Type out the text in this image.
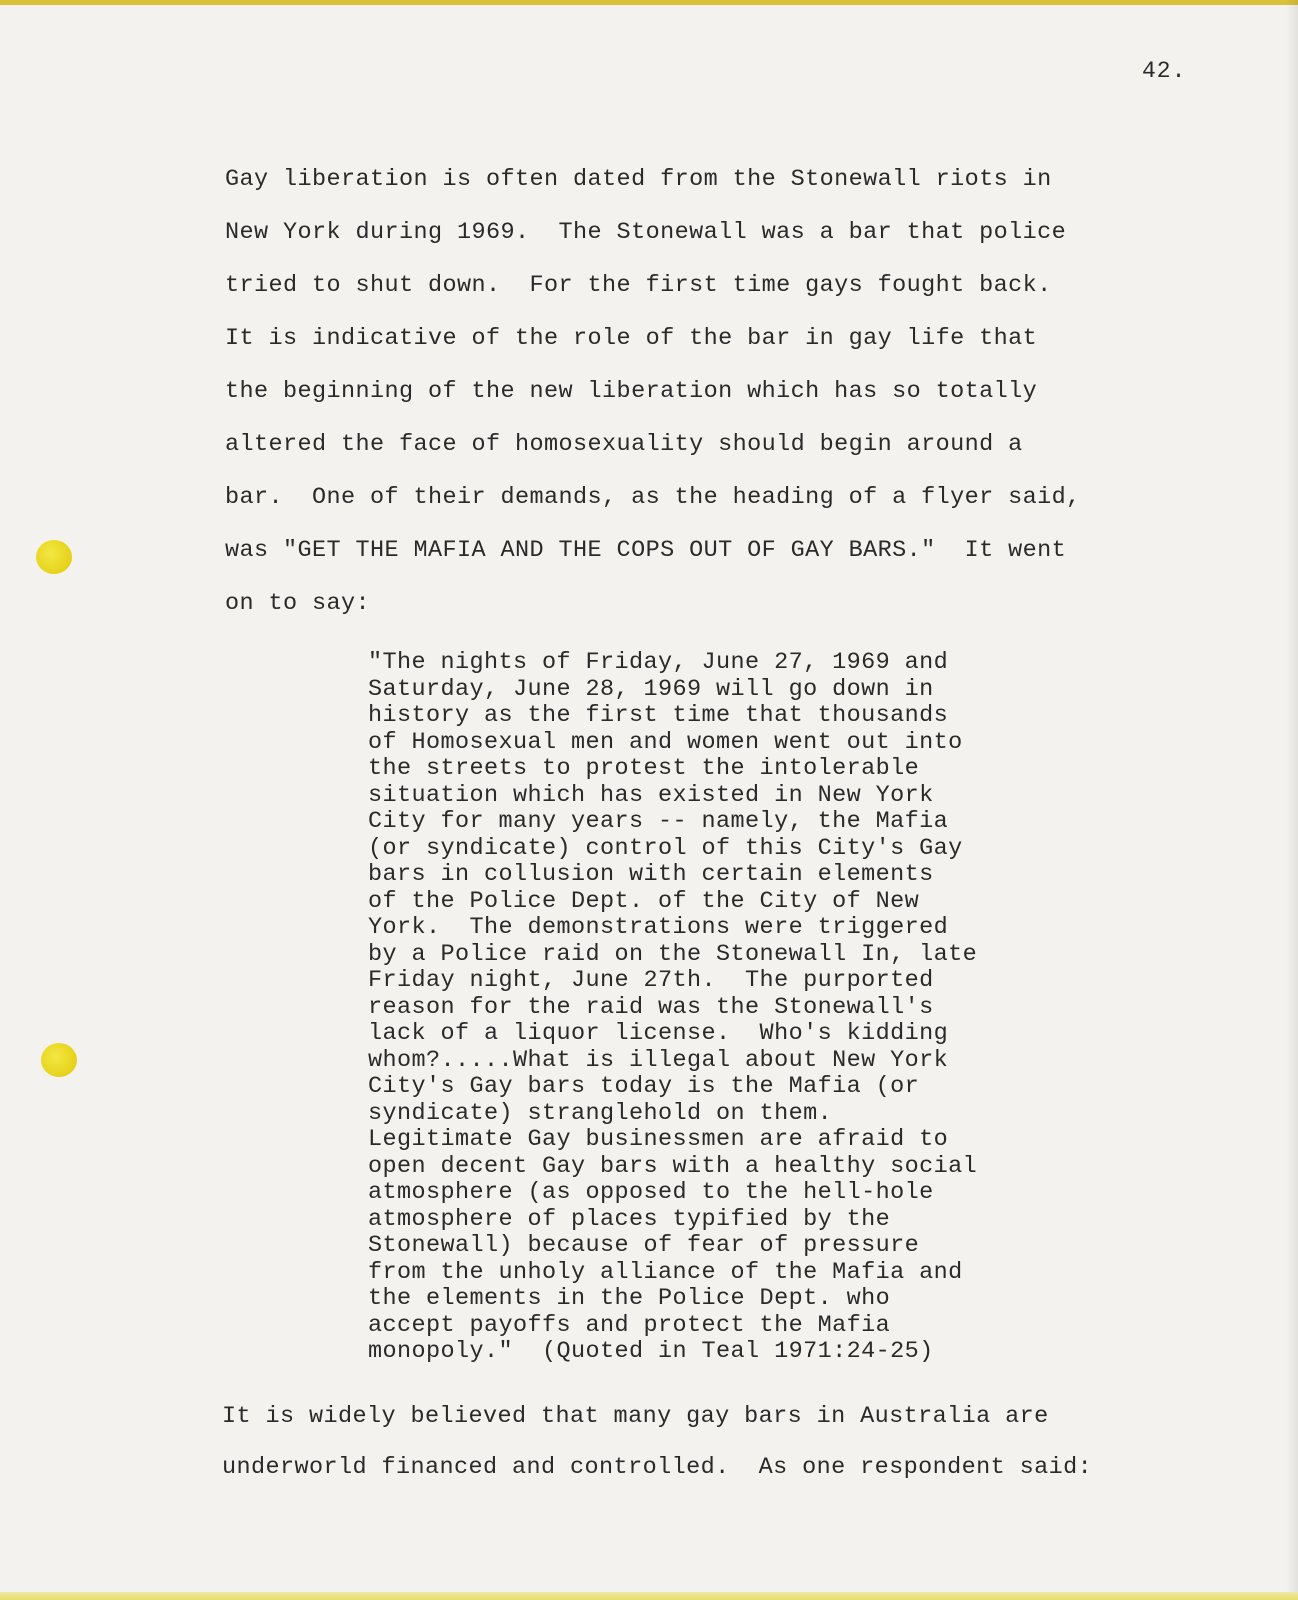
42.
Gay liberation is often dated from the Stonewall riots in
New York during 1969.  The Stonewall was a bar that police
tried to shut down.  For the first time gays fought back.
It is indicative of the role of the bar in gay life that
the beginning of the new liberation which has so totally
altered the face of homosexuality should begin around a
bar.  One of their demands, as the heading of a flyer said,
was "GET THE MAFIA AND THE COPS OUT OF GAY BARS."  It went
on to say:
"The nights of Friday, June 27, 1969 and
Saturday, June 28, 1969 will go down in
history as the first time that thousands
of Homosexual men and women went out into
the streets to protest the intolerable
situation which has existed in New York
City for many years -- namely, the Mafia
(or syndicate) control of this City's Gay
bars in collusion with certain elements
of the Police Dept. of the City of New
York.  The demonstrations were triggered
by a Police raid on the Stonewall In, late
Friday night, June 27th.  The purported
reason for the raid was the Stonewall's
lack of a liquor license.  Who's kidding
whom?.....What is illegal about New York
City's Gay bars today is the Mafia (or
syndicate) stranglehold on them.
Legitimate Gay businessmen are afraid to
open decent Gay bars with a healthy social
atmosphere (as opposed to the hell-hole
atmosphere of places typified by the
Stonewall) because of fear of pressure
from the unholy alliance of the Mafia and
the elements in the Police Dept. who
accept payoffs and protect the Mafia
monopoly."  (Quoted in Teal 1971:24-25)
It is widely believed that many gay bars in Australia are
underworld financed and controlled.  As one respondent said:
